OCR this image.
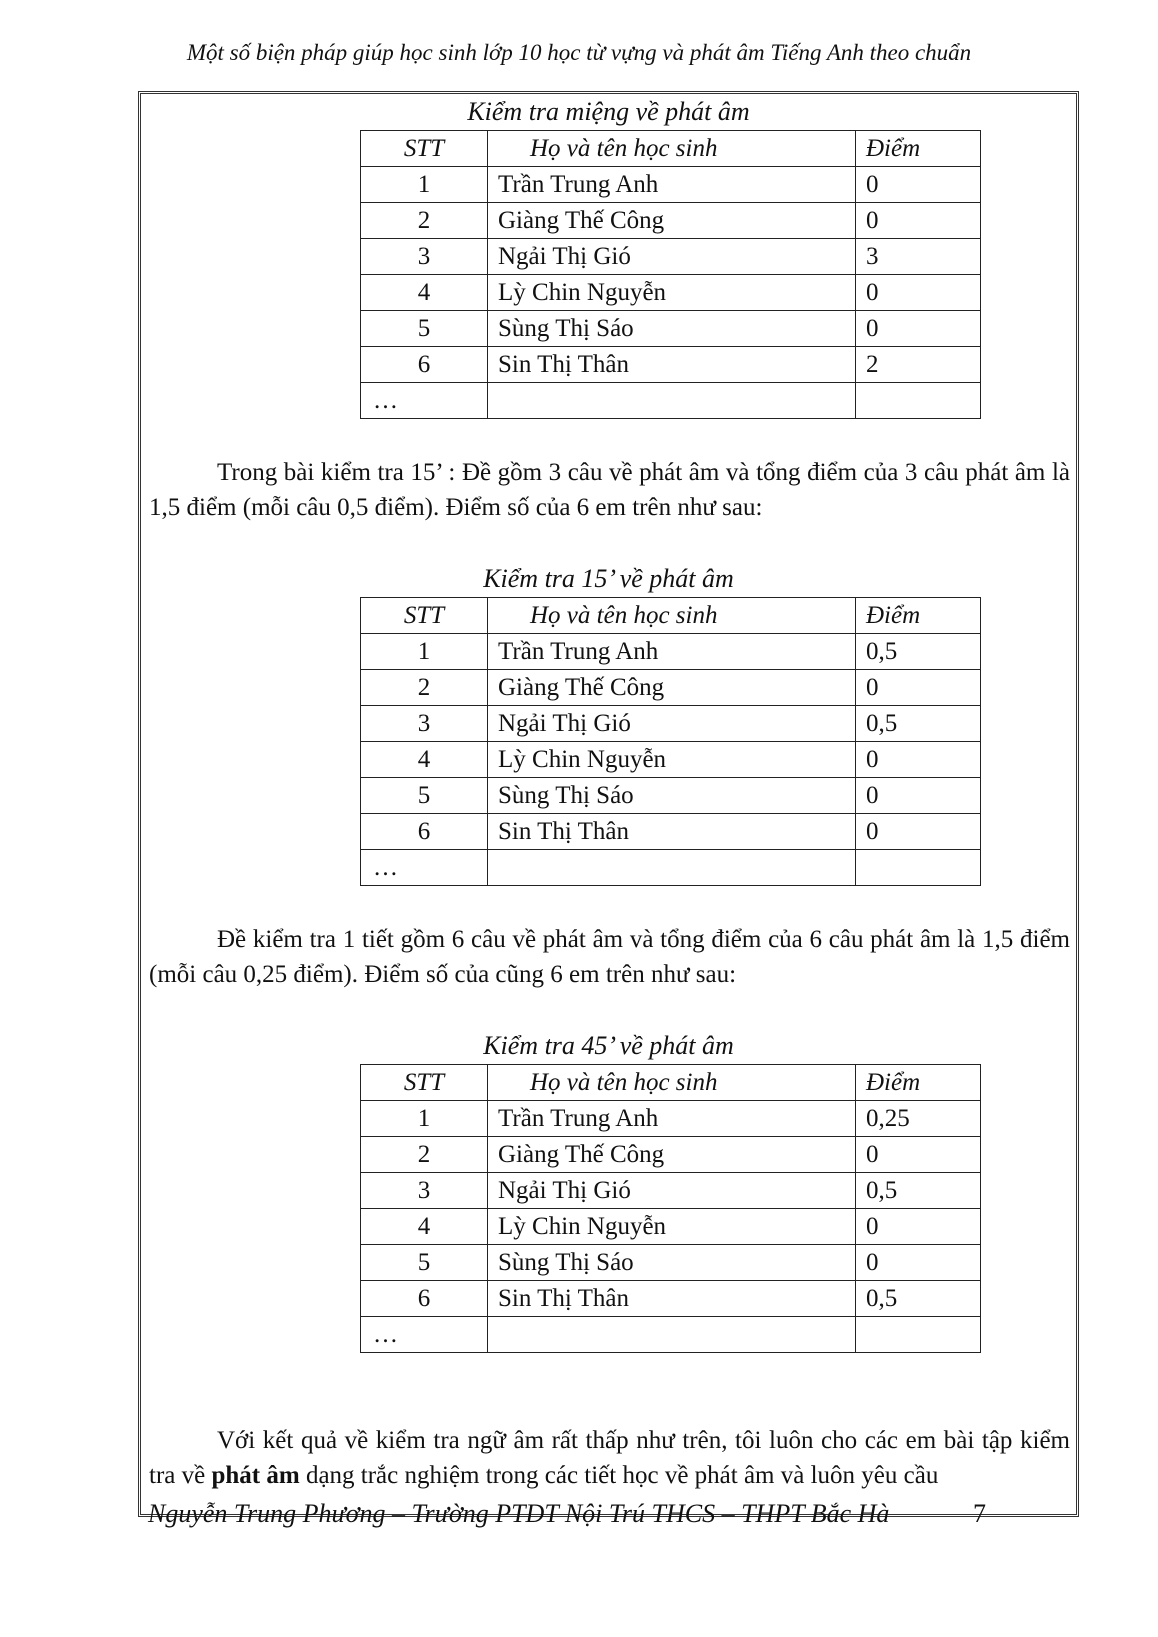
Một số biện pháp giúp học sinh lớp 10 học từ vựng và phát âm Tiếng Anh theo chuẩn
Kiểm tra miệng về phát âm
STT	Họ và tên học sinh	Điểm
1	Trần Trung Anh	0
2	Giàng Thế Công	0
3	Ngải Thị Gió	3
4	Lỳ Chin Nguyễn	0
5	Sùng Thị Sáo	0
6	Sin Thị Thân	2
…		

Trong bài kiểm tra 15’ : Đề gồm 3 câu về phát âm và tổng điểm của 3 câu phát âm là 1,5 điểm (mỗi câu 0,5 điểm). Điểm số của 6 em trên như sau:

Kiểm tra 15’ về phát âm
STT	Họ và tên học sinh	Điểm
1	Trần Trung Anh	0,5
2	Giàng Thế Công	0
3	Ngải Thị Gió	0,5
4	Lỳ Chin Nguyễn	0
5	Sùng Thị Sáo	0
6	Sin Thị Thân	0
…		

Đề kiểm tra 1 tiết gồm 6 câu về phát âm và tổng điểm của 6 câu phát âm là 1,5 điểm (mỗi câu 0,25 điểm). Điểm số của cũng 6 em trên như sau:

Kiểm tra 45’ về phát âm
STT	Họ và tên học sinh	Điểm
1	Trần Trung Anh	0,25
2	Giàng Thế Công	0
3	Ngải Thị Gió	0,5
4	Lỳ Chin Nguyễn	0
5	Sùng Thị Sáo	0
6	Sin Thị Thân	0,5
…		

Với kết quả về kiểm tra ngữ âm rất thấp như trên, tôi luôn cho các em bài tập kiểm tra về phát âm dạng trắc nghiệm trong các tiết học về phát âm và luôn yêu cầu

Nguyễn Trung Phương – Trường PTDT Nội Trú THCS – THPT Bắc Hà	7
